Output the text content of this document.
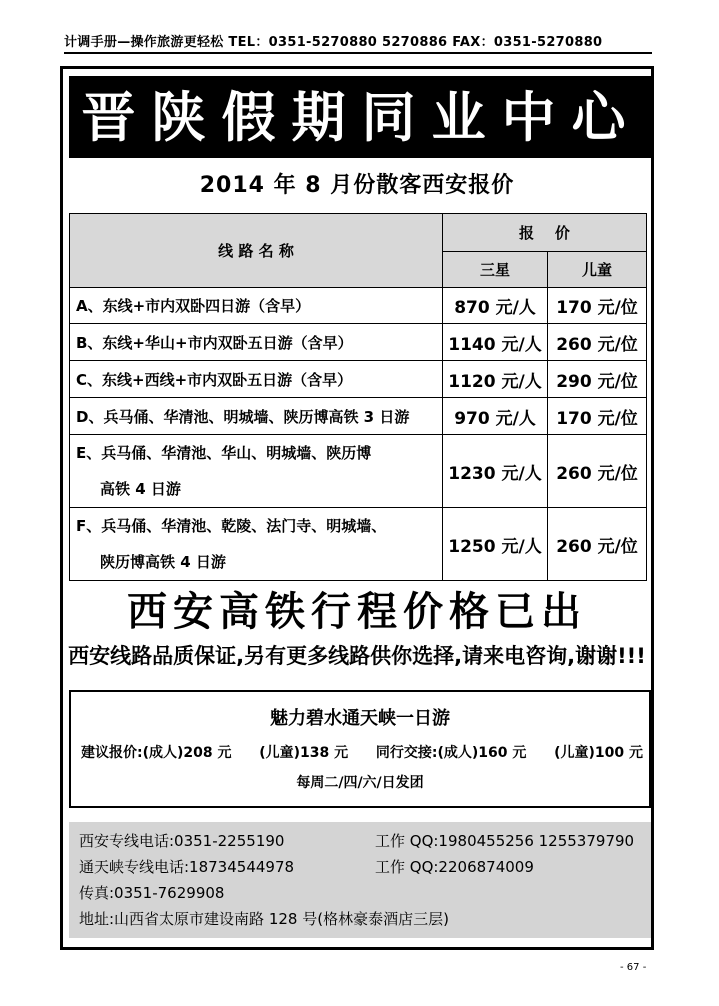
计调手册—操作旅游更轻松 TEL：0351-5270880 5270886 FAX：0351-5270880
晋陕假期同业中心
2014 年 8 月份散客西安报价
线 路 名 称	报    价	
	三星	儿童
A、东线+市内双卧四日游（含早）	870 元/人	170 元/位
B、东线+华山+市内双卧五日游（含早）	1140 元/人	260 元/位
C、东线+西线+市内双卧五日游（含早）	1120 元/人	290 元/位
D、兵马俑、华清池、明城墙、陕历博高铁 3 日游	970 元/人	170 元/位

E、兵马俑、华清池、华山、明城墙、陕历博
高铁 4 日游	1230 元/人	260 元/位

F、兵马俑、华清池、乾陵、法门寺、明城墙、
陕历博高铁 4 日游	1250 元/人	260 元/位
西安高铁行程价格已出
西安线路品质保证,另有更多线路供你选择,请来电咨询,谢谢!!!
魅力碧水通天峡一日游
建议报价:(成人)208 元 (儿童)138 元 同行交接:(成人)160 元 (儿童)100 元
每周二/四/六/日发团
西安专线电话:0351-2255190	工作 QQ:1980455256 1255379790
通天峡专线电话:18734544978	工作 QQ:2206874009
传真:0351-7629908
地址:山西省太原市建设南路 128 号(格林豪泰酒店三层)
- 67 -
